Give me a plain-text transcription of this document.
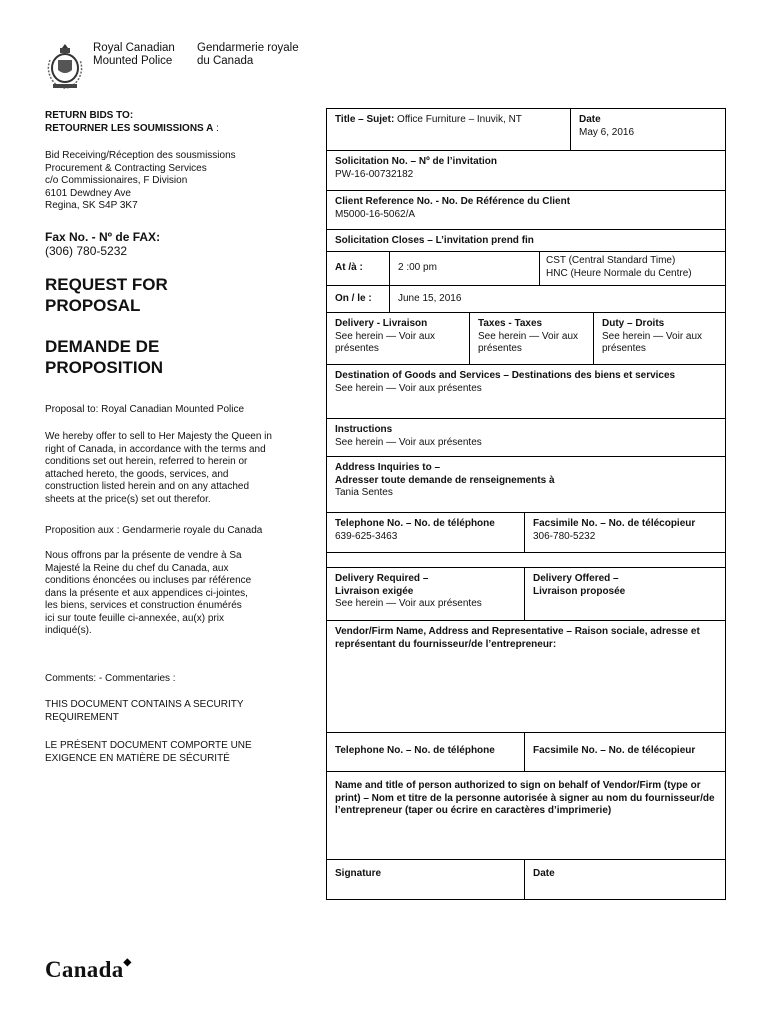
Royal Canadian Gendarmerie royale
Mounted Police du Canada
RETURN BIDS TO:
RETOURNER LES SOUMISSIONS A :
Bid Receiving/Réception des sousmissions
Procurement & Contracting Services
c/o Commissionaires, F Division
6101 Dewdney Ave
Regina, SK S4P 3K7
Fax No. - Nº de FAX:
(306) 780-5232
REQUEST FOR
PROPOSAL
DEMANDE DE
PROPOSITION
Proposal to: Royal Canadian Mounted Police
We hereby offer to sell to Her Majesty the Queen in
right of Canada, in accordance with the terms and
conditions set out herein, referred to herein or
attached hereto, the goods, services, and
construction listed herein and on any attached
sheets at the price(s) set out therefor.
Proposition aux : Gendarmerie royale du Canada
Nous offrons par la présente de vendre à Sa
Majesté la Reine du chef du Canada, aux
conditions énoncées ou incluses par référence
dans la présente et aux appendices ci-jointes,
les biens, services et construction énumérés
ici sur toute feuille ci-annexée, au(x) prix
indiqué(s).
Comments: - Commentaries :
THIS DOCUMENT CONTAINS A SECURITY
REQUIREMENT
LE PRÉSENT DOCUMENT COMPORTE UNE
EXIGENCE EN MATIÈRE DE SÉCURITÉ
Title – Sujet: Office Furniture – Inuvik, NT	Date
May 6, 2016
Solicitation No. – Nº de l’invitation
PW-16-00732182
Client Reference No. - No. De Référence du Client
M5000-16-5062/A
Solicitation Closes – L’invitation prend fin
At /à :	2 :00 pm
CST (Central Standard Time)
HNC (Heure Normale du Centre)
On / le :	June 15, 2016
Delivery - Livraison
See herein — Voir aux présentes
Taxes - Taxes
See herein — Voir aux présentes
Duty – Droits
See herein — Voir aux présentes
Destination of Goods and Services – Destinations des biens et services
See herein — Voir aux présentes
Instructions
See herein — Voir aux présentes
Address Inquiries to –
Adresser toute demande de renseignements à
Tania Sentes
Telephone No. – No. de téléphone
639-625-3463
Facsimile No. – No. de télécopieur
306-780-5232
Delivery Required –
Livraison exigée
See herein — Voir aux présentes
Delivery Offered –
Livraison proposée
Vendor/Firm Name, Address and Representative – Raison sociale, adresse et représentant du fournisseur/de l’entrepreneur:
Telephone No. – No. de téléphone	Facsimile No. – No. de télécopieur
Name and title of person authorized to sign on behalf of Vendor/Firm (type or print) – Nom et titre de la personne autorisée à signer au nom du fournisseur/de l’entrepreneur (taper ou écrire en caractères d’imprimerie)
Signature	Date
Canada◆
